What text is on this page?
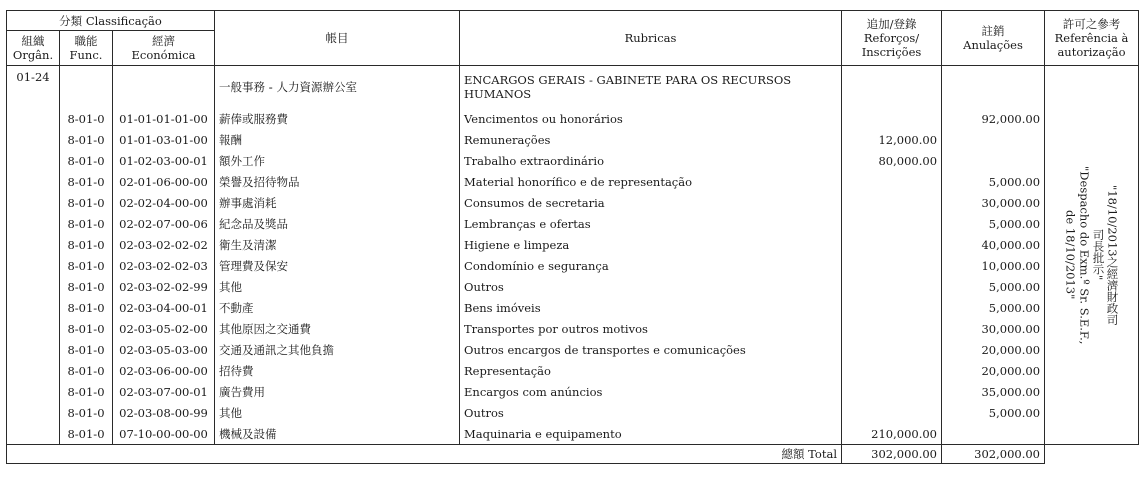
分類 Classificação			帳目	Rubricas	追加/登錄
Reforços/
Inscrições	註銷
Anulações	許可之參考
Referência à
autorização
組織
Orgân.	職能
Func.	經濟
Económica					
01-24			一般事務 - 人力資源辦公室	ENCARGOS GERAIS - GABINETE PARA OS RECURSOS HUMANOS			"18/10/2013之經濟財政司
司長批示"
"Despacho do Exm.º Sr. S.E.F.,
de 18/10/2013"

	8-01-0	01-01-01-01-00	薪俸或服務費	Vencimentos ou honorários		92,000.00	
	8-01-0	01-01-03-01-00	報酬	Remunerações	12,000.00		
	8-01-0	01-02-03-00-01	額外工作	Trabalho extraordinário	80,000.00		
	8-01-0	02-01-06-00-00	榮譽及招待物品	Material honorífico e de representação		5,000.00	
	8-01-0	02-02-04-00-00	辦事處消耗	Consumos de secretaria		30,000.00	
	8-01-0	02-02-07-00-06	紀念品及獎品	Lembranças e ofertas		5,000.00	
	8-01-0	02-03-02-02-02	衛生及清潔	Higiene e limpeza		40,000.00	
	8-01-0	02-03-02-02-03	管理費及保安	Condomínio e segurança		10,000.00	
	8-01-0	02-03-02-02-99	其他	Outros		5,000.00	
	8-01-0	02-03-04-00-01	不動產	Bens imóveis		5,000.00	
	8-01-0	02-03-05-02-00	其他原因之交通費	Transportes por outros motivos		30,000.00	
	8-01-0	02-03-05-03-00	交通及通訊之其他負擔	Outros encargos de transportes e comunicações		20,000.00	
	8-01-0	02-03-06-00-00	招待費	Representação		20,000.00	
	8-01-0	02-03-07-00-01	廣告費用	Encargos com anúncios		35,000.00	
	8-01-0	02-03-08-00-99	其他	Outros		5,000.00	
	8-01-0	07-10-00-00-00	機械及設備	Maquinaria e equipamento	210,000.00		
				總額 Total	302,000.00	302,000.00	
